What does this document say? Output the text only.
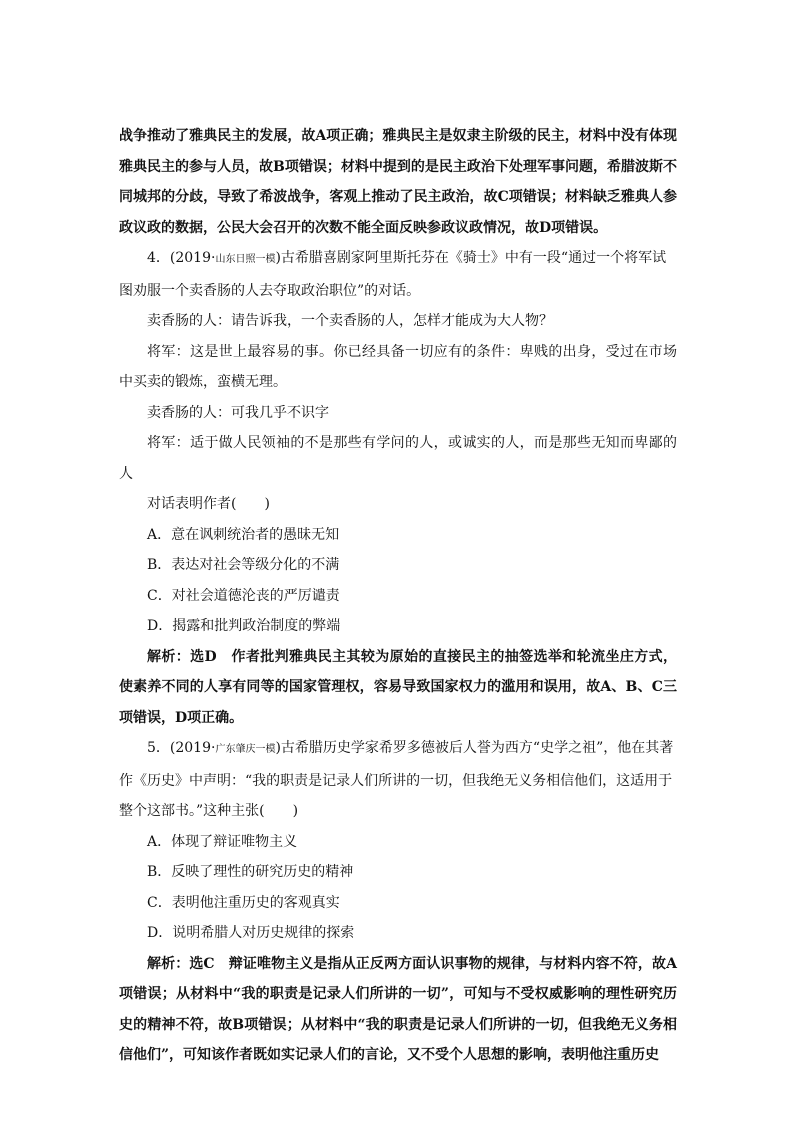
战争推动了雅典民主的发展，故A项正确；雅典民主是奴隶主阶级的民主，材料中没有体现雅典民主的参与人员，故B项错误；材料中提到的是民主政治下处理军事问题，希腊波斯不同城邦的分歧，导致了希波战争，客观上推动了民主政治，故C项错误；材料缺乏雅典人参政议政的数据，公民大会召开的次数不能全面反映参政议政情况，故D项错误。

4．(2019·山东日照一模)古希腊喜剧家阿里斯托芬在《骑士》中有一段“通过一个将军试图劝服一个卖香肠的人去夺取政治职位”的对话。

卖香肠的人：请告诉我，一个卖香肠的人，怎样才能成为大人物？

将军：这是世上最容易的事。你已经具备一切应有的条件：卑贱的出身，受过在市场中买卖的锻炼，蛮横无理。

卖香肠的人：可我几乎不识字

将军：适于做人民领袖的不是那些有学问的人，或诚实的人，而是那些无知而卑鄙的人

对话表明作者(　　)

A．意在讽刺统治者的愚昧无知

B．表达对社会等级分化的不满

C．对社会道德沦丧的严厉谴责

D．揭露和批判政治制度的弊端

解析：选D　作者批判雅典民主其较为原始的直接民主的抽签选举和轮流坐庄方式，使素养不同的人享有同等的国家管理权，容易导致国家权力的滥用和误用，故A、B、C三项错误，D项正确。

5．(2019·广东肇庆一模)古希腊历史学家希罗多德被后人誉为西方“史学之祖”，他在其著作《历史》中声明：“我的职责是记录人们所讲的一切，但我绝无义务相信他们，这适用于整个这部书。”这种主张(　　)

A．体现了辩证唯物主义

B．反映了理性的研究历史的精神

C．表明他注重历史的客观真实

D．说明希腊人对历史规律的探索

解析：选C　辩证唯物主义是指从正反两方面认识事物的规律，与材料内容不符，故A项错误；从材料中“我的职责是记录人们所讲的一切”，可知与不受权威影响的理性研究历史的精神不符，故B项错误；从材料中“我的职责是记录人们所讲的一切，但我绝无义务相信他们”，可知该作者既如实记录人们的言论，又不受个人思想的影响，表明他注重历史
